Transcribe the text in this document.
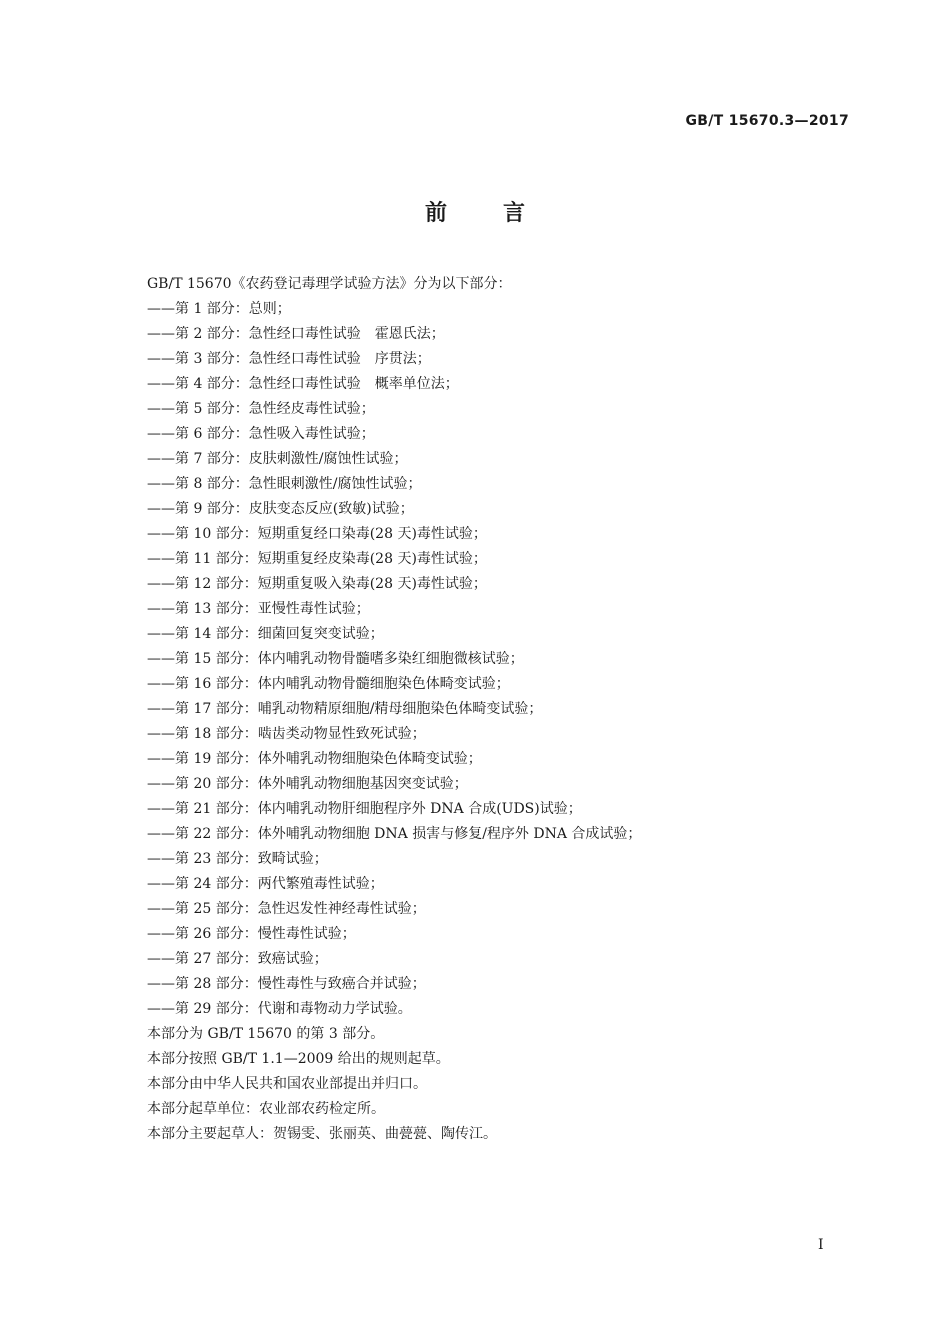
GB/T 15670.3—2017
前言
GB/T 15670《农药登记毒理学试验方法》分为以下部分：
——第 1 部分：总则；
——第 2 部分：急性经口毒性试验　霍恩氏法；
——第 3 部分：急性经口毒性试验　序贯法；
——第 4 部分：急性经口毒性试验　概率单位法；
——第 5 部分：急性经皮毒性试验；
——第 6 部分：急性吸入毒性试验；
——第 7 部分：皮肤刺激性/腐蚀性试验；
——第 8 部分：急性眼刺激性/腐蚀性试验；
——第 9 部分：皮肤变态反应(致敏)试验；
——第 10 部分：短期重复经口染毒(28 天)毒性试验；
——第 11 部分：短期重复经皮染毒(28 天)毒性试验；
——第 12 部分：短期重复吸入染毒(28 天)毒性试验；
——第 13 部分：亚慢性毒性试验；
——第 14 部分：细菌回复突变试验；
——第 15 部分：体内哺乳动物骨髓嗜多染红细胞微核试验；
——第 16 部分：体内哺乳动物骨髓细胞染色体畸变试验；
——第 17 部分：哺乳动物精原细胞/精母细胞染色体畸变试验；
——第 18 部分：啮齿类动物显性致死试验；
——第 19 部分：体外哺乳动物细胞染色体畸变试验；
——第 20 部分：体外哺乳动物细胞基因突变试验；
——第 21 部分：体内哺乳动物肝细胞程序外 DNA 合成(UDS)试验；
——第 22 部分：体外哺乳动物细胞 DNA 损害与修复/程序外 DNA 合成试验；
——第 23 部分：致畸试验；
——第 24 部分：两代繁殖毒性试验；
——第 25 部分：急性迟发性神经毒性试验；
——第 26 部分：慢性毒性试验；
——第 27 部分：致癌试验；
——第 28 部分：慢性毒性与致癌合并试验；
——第 29 部分：代谢和毒物动力学试验。
本部分为 GB/T 15670 的第 3 部分。
本部分按照 GB/T 1.1—2009 给出的规则起草。
本部分由中华人民共和国农业部提出并归口。
本部分起草单位：农业部农药检定所。
本部分主要起草人：贺锡雯、张丽英、曲甍甍、陶传江。
I
